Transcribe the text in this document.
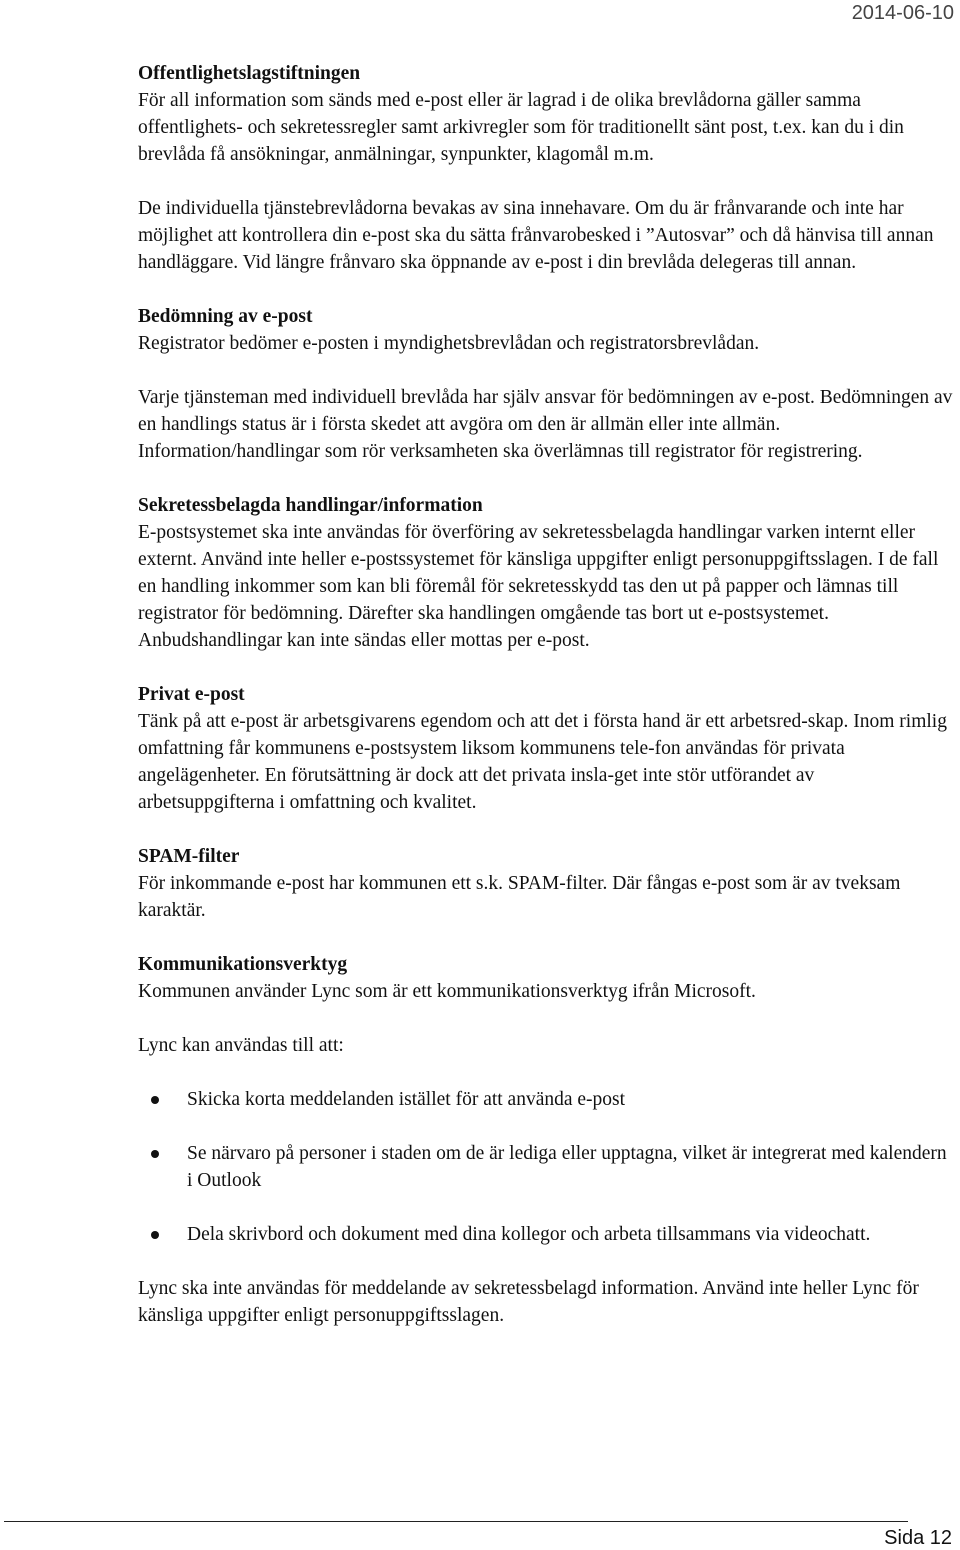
2014-06-10

Offentlighetslagstiftningen

För all information som sänds med e-post eller är lagrad i de olika brevlådorna gäller samma offentlighets- och sekretessregler samt arkivregler som för traditionellt sänt post, t.ex. kan du i din brevlåda få ansökningar, anmälningar, synpunkter, klagomål m.m.

De individuella tjänstebrevlådorna bevakas av sina innehavare. Om du är frånvarande och inte har möjlighet att kontrollera din e-post ska du sätta frånvarobesked i ”Autosvar” och då hänvisa till annan handläggare. Vid längre frånvaro ska öppnande av e-post i din brevlåda delegeras till annan.

Bedömning av e-post

Registrator bedömer e-posten i myndighetsbrevlådan och registratorsbrevlådan.

Varje tjänsteman med individuell brevlåda har själv ansvar för bedömningen av e-post. Bedömningen av en handlings status är i första skedet att avgöra om den är allmän eller inte allmän. Information/handlingar som rör verksamheten ska överlämnas till registrator för registrering.

Sekretessbelagda handlingar/information

E-postsystemet ska inte användas för överföring av sekretessbelagda handlingar varken internt eller externt. Använd inte heller e-postssystemet för känsliga uppgifter enligt personuppgiftsslagen. I de fall en handling inkommer som kan bli föremål för sekretesskydd tas den ut på papper och lämnas till registrator för bedömning. Därefter ska handlingen omgående tas bort ut e-postsystemet. Anbudshandlingar kan inte sändas eller mottas per e-post.

Privat e-post

Tänk på att e-post är arbetsgivarens egendom och att det i första hand är ett arbetsred-skap. Inom rimlig omfattning får kommunens e-postsystem liksom kommunens tele-fon användas för privata angelägenheter. En förutsättning är dock att det privata insla-get inte stör utförandet av arbetsuppgifterna i omfattning och kvalitet.

SPAM-filter

För inkommande e-post har kommunen ett s.k. SPAM-filter. Där fångas e-post som är av tveksam karaktär.

Kommunikationsverktyg

Kommunen använder Lync som är ett kommunikationsverktyg ifrån Microsoft.

Lync kan användas till att:

Skicka korta meddelanden istället för att använda e-post
Se närvaro på personer i staden om de är lediga eller upptagna, vilket är integrerat med kalendern i Outlook
Dela skrivbord och dokument med dina kollegor och arbeta tillsammans via videochatt.

Lync ska inte användas för meddelande av sekretessbelagd information. Använd inte heller Lync för känsliga uppgifter enligt personuppgiftsslagen.

Sida 12
